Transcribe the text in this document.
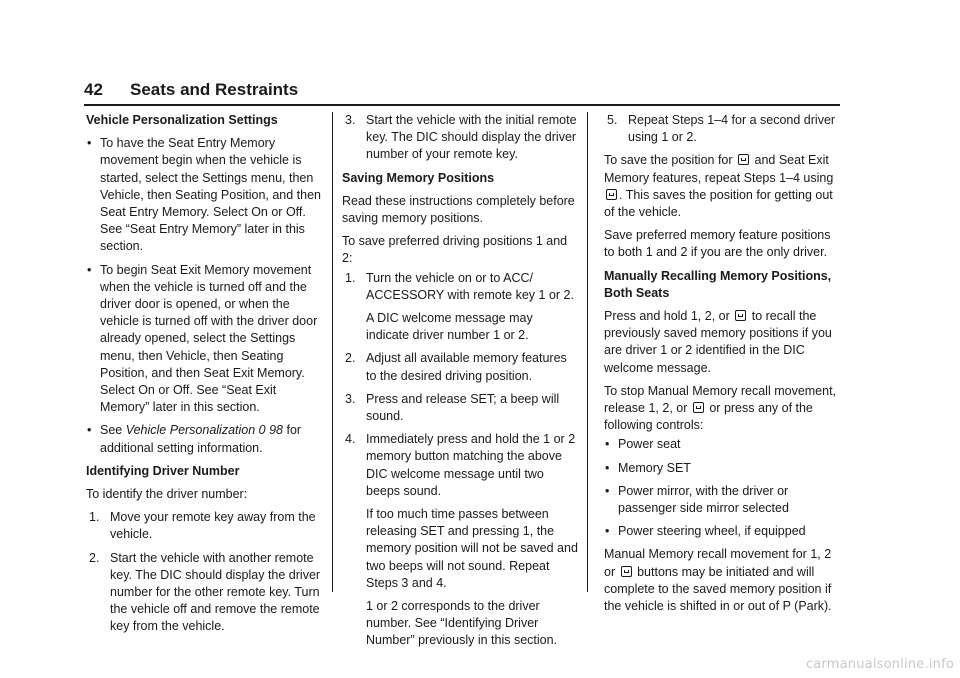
42 Seats and Restraints

Vehicle Personalization Settings

• To have the Seat Entry Memory movement begin when the vehicle is started, select the Settings menu, then Vehicle, then Seating Position, and then Seat Entry Memory. Select On or Off. See “Seat Entry Memory” later in this section.
• To begin Seat Exit Memory movement when the vehicle is turned off and the driver door is opened, or when the vehicle is turned off with the driver door already opened, select the Settings menu, then Vehicle, then Seating Position, and then Seat Exit Memory. Select On or Off. See “Seat Exit Memory” later in this section.
• See Vehicle Personalization 0 98 for additional setting information.

Identifying Driver Number

To identify the driver number:

1. Move your remote key away from the vehicle.
2. Start the vehicle with another remote key. The DIC should display the driver number for the other remote key. Turn the vehicle off and remove the remote key from the vehicle.
3. Start the vehicle with the initial remote key. The DIC should display the driver number of your remote key.

Saving Memory Positions

Read these instructions completely before saving memory positions.

To save preferred driving positions 1 and 2:

1. Turn the vehicle on or to ACC/ ACCESSORY with remote key 1 or 2.

A DIC welcome message may indicate driver number 1 or 2.

2. Adjust all available memory features to the desired driving position.
3. Press and release SET; a beep will sound.
4. Immediately press and hold the 1 or 2 memory button matching the above DIC welcome message until two beeps sound.

If too much time passes between releasing SET and pressing 1, the memory position will not be saved and two beeps will not sound. Repeat Steps 3 and 4.

1 or 2 corresponds to the driver number. See “Identifying Driver Number” previously in this section.

5. Repeat Steps 1–4 for a second driver using 1 or 2.

To save the position for and Seat Exit Memory features, repeat Steps 1–4 using . This saves the position for getting out of the vehicle.

Save preferred memory feature positions to both 1 and 2 if you are the only driver.

Manually Recalling Memory Positions, Both Seats

Press and hold 1, 2, or to recall the previously saved memory positions if you are driver 1 or 2 identified in the DIC welcome message.

To stop Manual Memory recall movement, release 1, 2, or or press any of the following controls:

• Power seat
• Memory SET
• Power mirror, with the driver or passenger side mirror selected
• Power steering wheel, if equipped

Manual Memory recall movement for 1, 2 or buttons may be initiated and will complete to the saved memory position if the vehicle is shifted in or out of P (Park).

carmanualsonline.info
